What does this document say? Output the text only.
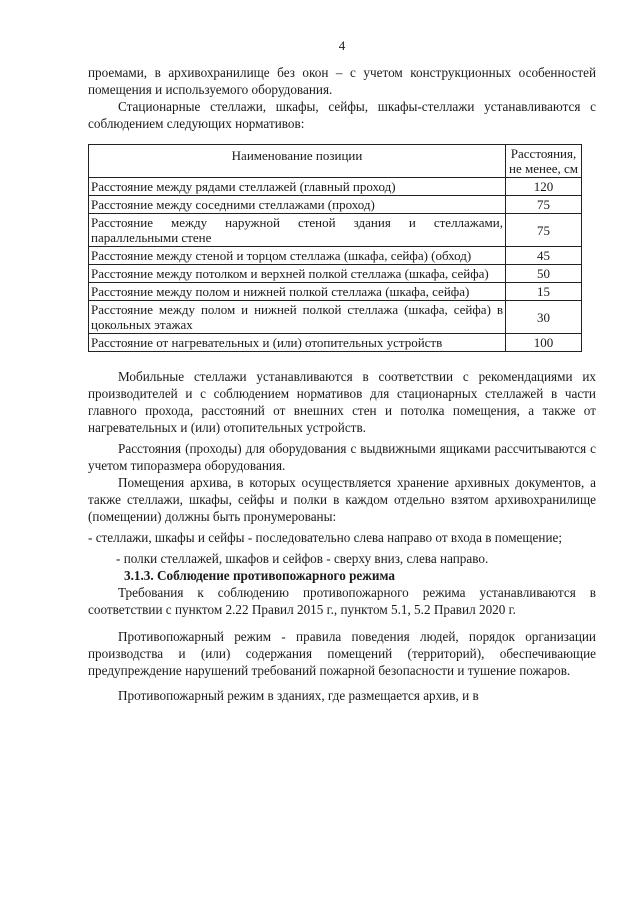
4

проемами, в архивохранилище без окон – с учетом конструкционных особенностей помещения и используемого оборудования.

Стационарные стеллажи, шкафы, сейфы, шкафы-стеллажи устанавливаются с соблюдением следующих нормативов:

Наименование позиции	Расстояния, не менее, см
Расстояние между рядами стеллажей (главный проход)	120
Расстояние между соседними стеллажами (проход)	75
Расстояние между наружной стеной здания и стеллажами, параллельными стене	75
Расстояние между стеной и торцом стеллажа (шкафа, сейфа) (обход)	45
Расстояние между потолком и верхней полкой стеллажа (шкафа, сейфа)	50
Расстояние между полом и нижней полкой стеллажа (шкафа, сейфа)	15
Расстояние между полом и нижней полкой стеллажа (шкафа, сейфа) в цокольных этажах	30
Расстояние от нагревательных и (или) отопительных устройств	100

Мобильные стеллажи устанавливаются в соответствии с рекомендациями их производителей и с соблюдением нормативов для стационарных стеллажей в части главного прохода, расстояний от внешних стен и потолка помещения, а также от нагревательных и (или) отопительных устройств.

Расстояния (проходы) для оборудования с выдвижными ящиками рассчитываются с учетом типоразмера оборудования.

Помещения архива, в которых осуществляется хранение архивных документов, а также стеллажи, шкафы, сейфы и полки в каждом отдельно взятом архивохранилище (помещении) должны быть пронумерованы:

- стеллажи, шкафы и сейфы - последовательно слева направо от входа в помещение;

- полки стеллажей, шкафов и сейфов - сверху вниз, слева направо.

3.1.3. Соблюдение противопожарного режима

Требования к соблюдению противопожарного режима устанавливаются в соответствии с пунктом 2.22 Правил 2015 г., пунктом 5.1, 5.2 Правил 2020 г.

Противопожарный режим - правила поведения людей, порядок организации производства и (или) содержания помещений (территорий), обеспечивающие предупреждение нарушений требований пожарной безопасности и тушение пожаров.

Противопожарный режим в зданиях, где размещается архив, и в
